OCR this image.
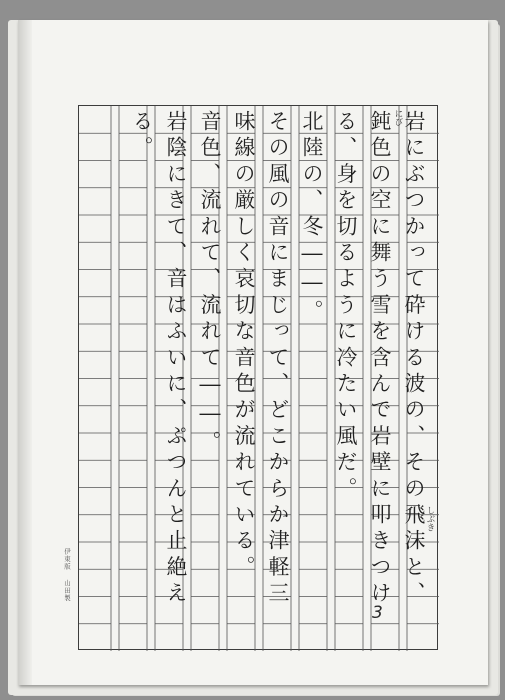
岩にぶつかって砕ける波の、その飛沫と、
鈍色の空に舞う雪を含んで岩壁に叩きつけ
る、身を切るように冷たい風だ。
北陸の、冬――。
その風の音にまじって、どこからか津軽三
味線の厳しく哀切な音色が流れている。
音色、流れて、流れて――。
岩陰にきて、音はふいに、ぷつんと止絶え
る。
しぶき
にび
3
伊東版 山田製
